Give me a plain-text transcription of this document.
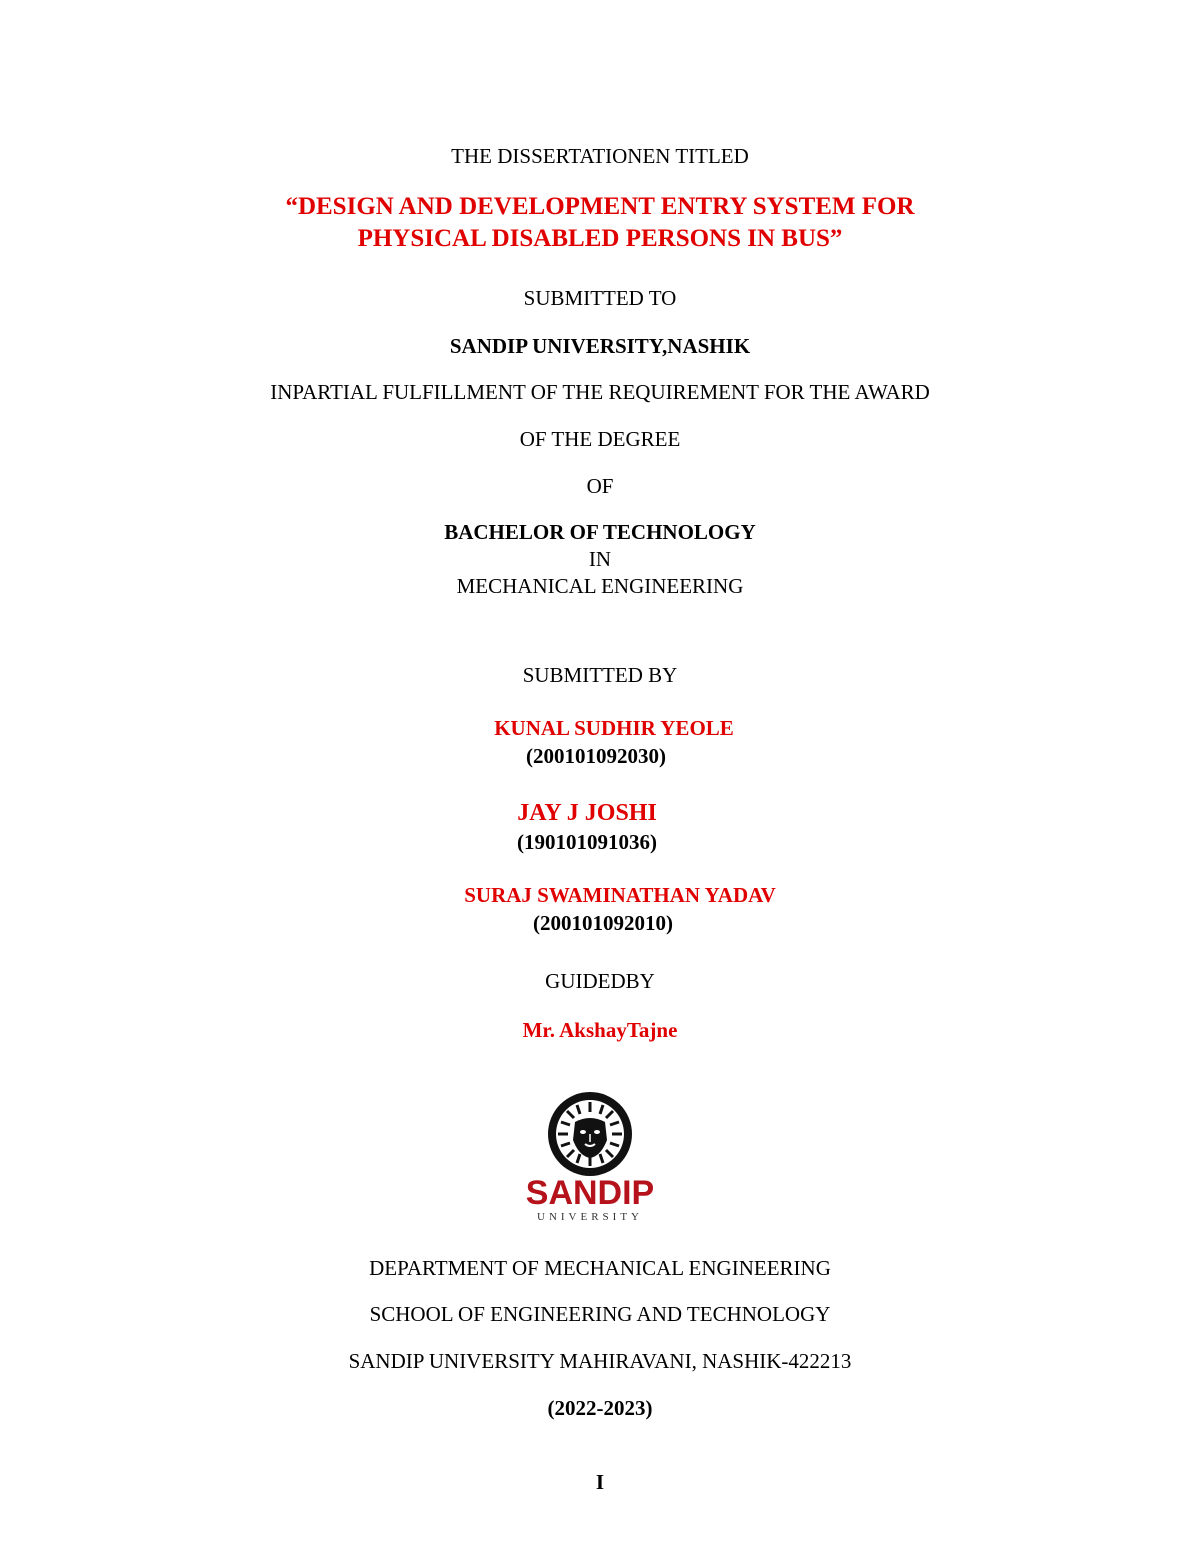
THE DISSERTATIONEN TITLED

“DESIGN AND DEVELOPMENT ENTRY SYSTEM FOR

PHYSICAL DISABLED PERSONS IN BUS”

SUBMITTED TO

SANDIP UNIVERSITY,NASHIK

INPARTIAL FULFILLMENT OF THE REQUIREMENT FOR THE AWARD

OF THE DEGREE

OF

BACHELOR OF TECHNOLOGY

IN

MECHANICAL ENGINEERING

SUBMITTED BY

KUNAL SUDHIR YEOLE

(200101092030)

JAY J JOSHI

(190101091036)

SURAJ SWAMINATHAN YADAV

(200101092010)

GUIDEDBY

Mr. AkshayTajne

SANDIP
UNIVERSITY

DEPARTMENT OF MECHANICAL ENGINEERING

SCHOOL OF ENGINEERING AND TECHNOLOGY

SANDIP UNIVERSITY MAHIRAVANI, NASHIK-422213

(2022-2023)

I
